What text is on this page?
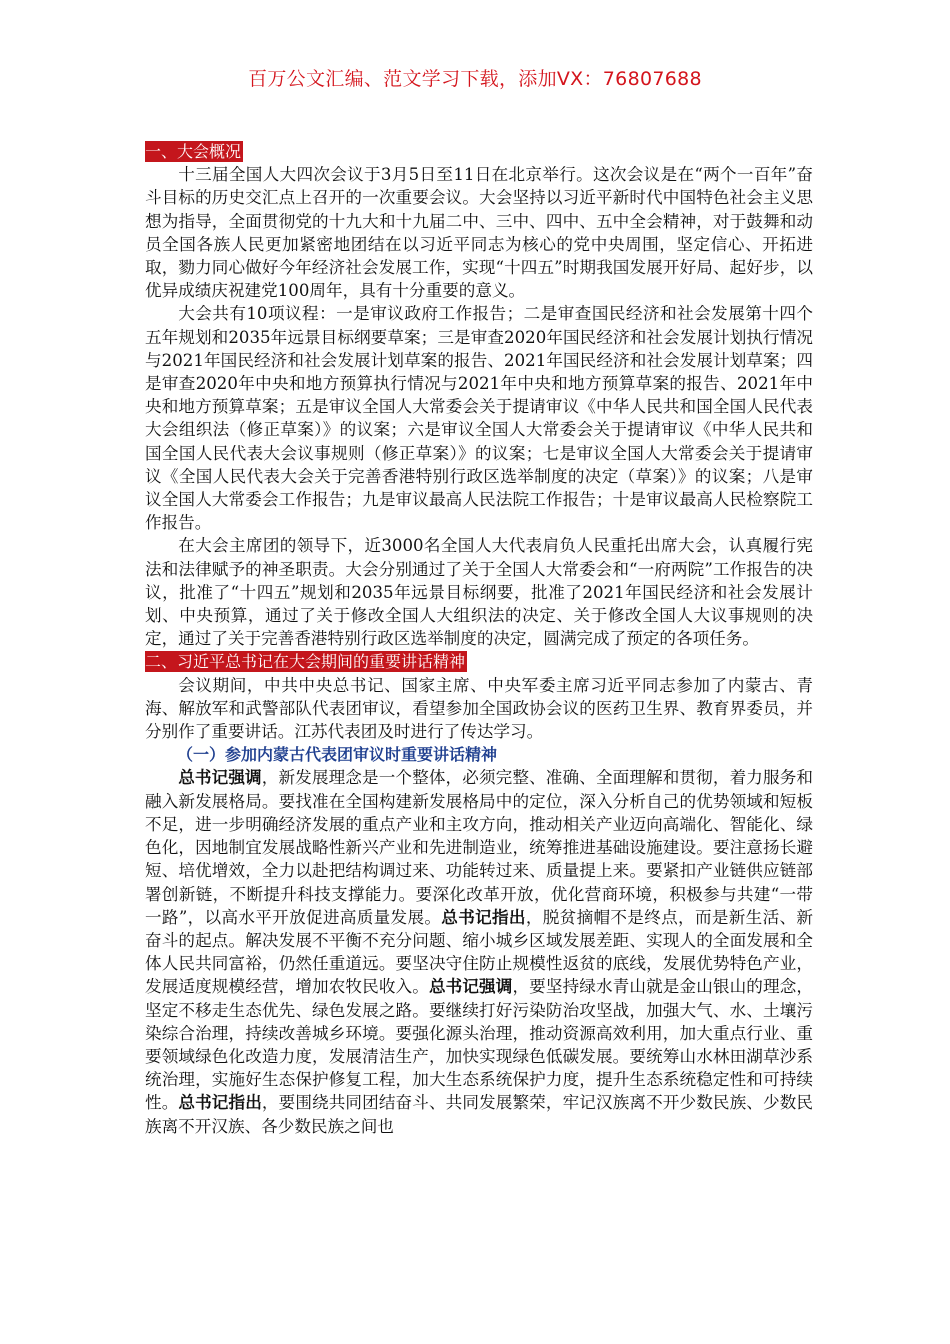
百万公文汇编、范文学习下载，添加VX：76807688
一、大会概况

十三届全国人大四次会议于3月5日至11日在北京举行。这次会议是在“两个一百年”奋斗目标的历史交汇点上召开的一次重要会议。大会坚持以习近平新时代中国特色社会主义思想为指导，全面贯彻党的十九大和十九届二中、三中、四中、五中全会精神，对于鼓舞和动员全国各族人民更加紧密地团结在以习近平同志为核心的党中央周围，坚定信心、开拓进取，勠力同心做好今年经济社会发展工作，实现“十四五”时期我国发展开好局、起好步，以优异成绩庆祝建党100周年，具有十分重要的意义。

大会共有10项议程：一是审议政府工作报告；二是审查国民经济和社会发展第十四个五年规划和2035年远景目标纲要草案；三是审查2020年国民经济和社会发展计划执行情况与2021年国民经济和社会发展计划草案的报告、2021年国民经济和社会发展计划草案；四是审查2020年中央和地方预算执行情况与2021年中央和地方预算草案的报告、2021年中央和地方预算草案；五是审议全国人大常委会关于提请审议《中华人民共和国全国人民代表大会组织法（修正草案）》的议案；六是审议全国人大常委会关于提请审议《中华人民共和国全国人民代表大会议事规则（修正草案）》的议案；七是审议全国人大常委会关于提请审议《全国人民代表大会关于完善香港特别行政区选举制度的决定（草案）》的议案；八是审议全国人大常委会工作报告；九是审议最高人民法院工作报告；十是审议最高人民检察院工作报告。

在大会主席团的领导下，近3000名全国人大代表肩负人民重托出席大会，认真履行宪法和法律赋予的神圣职责。大会分别通过了关于全国人大常委会和“一府两院”工作报告的决议，批准了“十四五”规划和2035年远景目标纲要，批准了2021年国民经济和社会发展计划、中央预算，通过了关于修改全国人大组织法的决定、关于修改全国人大议事规则的决定，通过了关于完善香港特别行政区选举制度的决定，圆满完成了预定的各项任务。

二、习近平总书记在大会期间的重要讲话精神

会议期间，中共中央总书记、国家主席、中央军委主席习近平同志参加了内蒙古、青海、解放军和武警部队代表团审议，看望参加全国政协会议的医药卫生界、教育界委员，并分别作了重要讲话。江苏代表团及时进行了传达学习。

（一）参加内蒙古代表团审议时重要讲话精神

总书记强调，新发展理念是一个整体，必须完整、准确、全面理解和贯彻，着力服务和融入新发展格局。要找准在全国构建新发展格局中的定位，深入分析自己的优势领域和短板不足，进一步明确经济发展的重点产业和主攻方向，推动相关产业迈向高端化、智能化、绿色化，因地制宜发展战略性新兴产业和先进制造业，统筹推进基础设施建设。要注意扬长避短、培优增效，全力以赴把结构调过来、功能转过来、质量提上来。要紧扣产业链供应链部署创新链，不断提升科技支撑能力。要深化改革开放，优化营商环境，积极参与共建“一带一路”，以高水平开放促进高质量发展。总书记指出，脱贫摘帽不是终点，而是新生活、新奋斗的起点。解决发展不平衡不充分问题、缩小城乡区域发展差距、实现人的全面发展和全体人民共同富裕，仍然任重道远。要坚决守住防止规模性返贫的底线，发展优势特色产业，发展适度规模经营，增加农牧民收入。总书记强调，要坚持绿水青山就是金山银山的理念，坚定不移走生态优先、绿色发展之路。要继续打好污染防治攻坚战，加强大气、水、土壤污染综合治理，持续改善城乡环境。要强化源头治理，推动资源高效利用，加大重点行业、重要领域绿色化改造力度，发展清洁生产，加快实现绿色低碳发展。要统筹山水林田湖草沙系统治理，实施好生态保护修复工程，加大生态系统保护力度，提升生态系统稳定性和可持续性。总书记指出，要围绕共同团结奋斗、共同发展繁荣，牢记汉族离不开少数民族、少数民族离不开汉族、各少数民族之间也
